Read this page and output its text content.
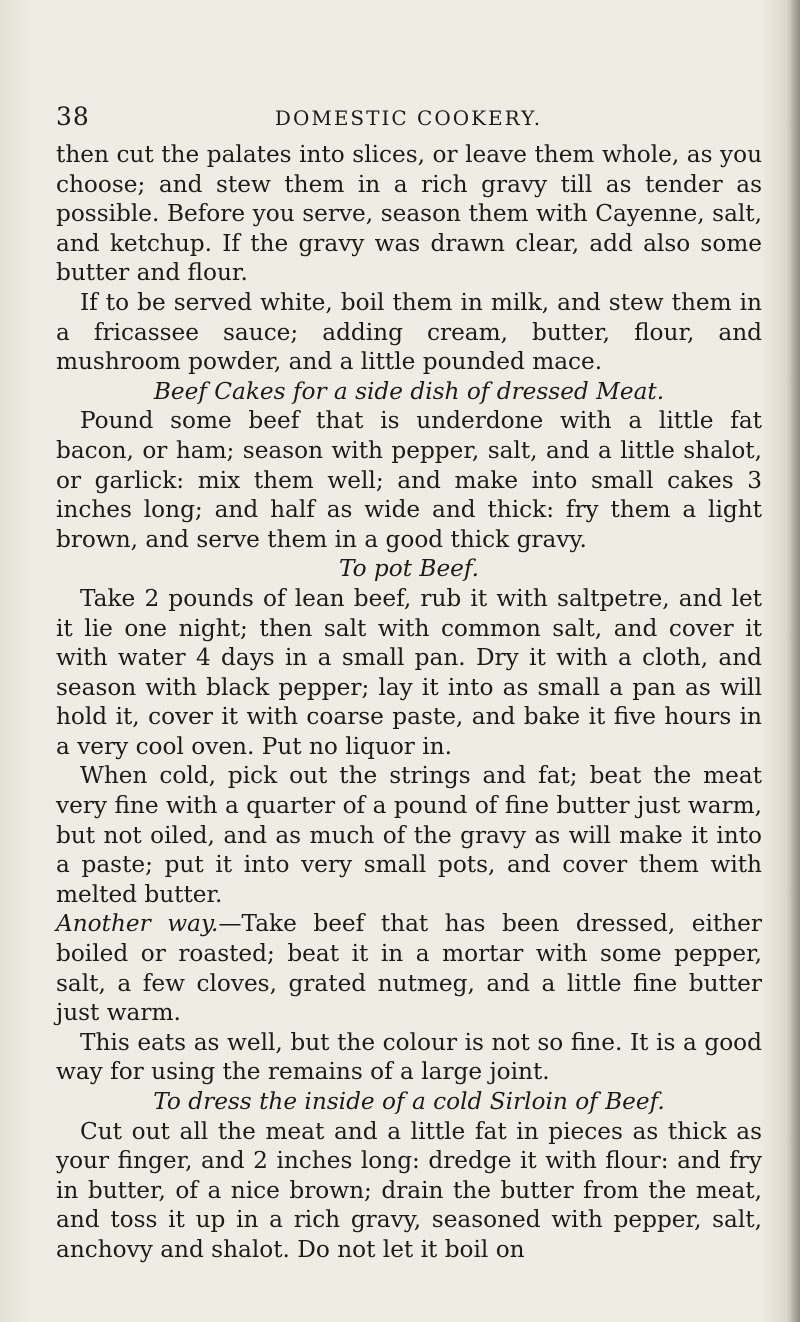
38	DOMESTIC COOKERY.

then cut the palates into slices, or leave them whole, as you choose; and stew them in a rich gravy till as tender as possible. Before you serve, season them with Cayenne, salt, and ketchup. If the gravy was drawn clear, add also some butter and flour.

If to be served white, boil them in milk, and stew them in a fricassee sauce; adding cream, butter, flour, and mushroom powder, and a little pounded mace.

Beef Cakes for a side dish of dressed Meat.

Pound some beef that is underdone with a little fat bacon, or ham; season with pepper, salt, and a little shalot, or garlick: mix them well; and make into small cakes 3 inches long; and half as wide and thick: fry them a light brown, and serve them in a good thick gravy.

To pot Beef.

Take 2 pounds of lean beef, rub it with saltpetre, and let it lie one night; then salt with common salt, and cover it with water 4 days in a small pan. Dry it with a cloth, and season with black pepper; lay it into as small a pan as will hold it, cover it with coarse paste, and bake it five hours in a very cool oven. Put no liquor in.

When cold, pick out the strings and fat; beat the meat very fine with a quarter of a pound of fine butter just warm, but not oiled, and as much of the gravy as will make it into a paste; put it into very small pots, and cover them with melted butter.

Another way.—Take beef that has been dressed, either boiled or roasted; beat it in a mortar with some pepper, salt, a few cloves, grated nutmeg, and a little fine butter just warm.

This eats as well, but the colour is not so fine. It is a good way for using the remains of a large joint.

To dress the inside of a cold Sirloin of Beef.

Cut out all the meat and a little fat in pieces as thick as your finger, and 2 inches long: dredge it with flour: and fry in butter, of a nice brown; drain the butter from the meat, and toss it up in a rich gravy, seasoned with pepper, salt, anchovy and shalot. Do not let it boil on
